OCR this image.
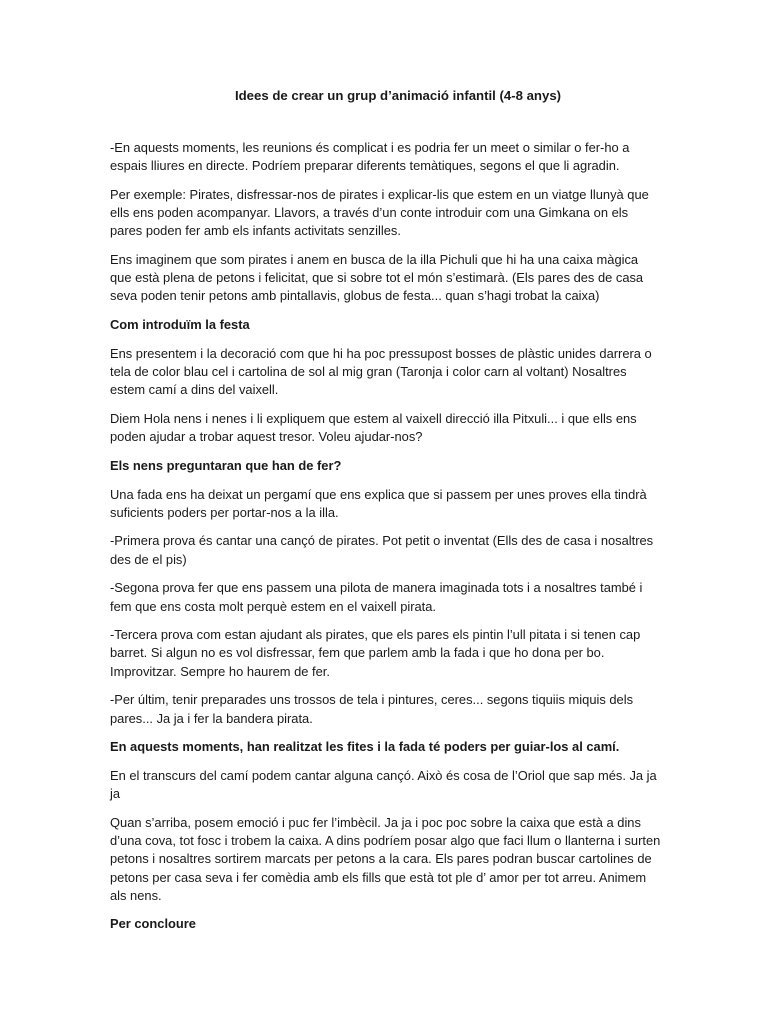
Idees de crear un grup d’animació infantil (4-8 anys)

-En aquests moments, les reunions és complicat i es podria fer un meet o similar o fer-ho a espais lliures en directe. Podríem preparar diferents temàtiques, segons el que li agradin.

Per exemple: Pirates, disfressar-nos de pirates i explicar-lis que estem en un viatge llunyà que ells ens poden acompanyar. Llavors, a través d’un conte introduir com una Gimkana on els pares poden fer amb els infants activitats senzilles.

Ens imaginem que som pirates i anem en busca de la illa Pichuli que hi ha una caixa màgica que està plena de petons i felicitat, que si sobre tot el món s’estimarà. (Els pares des de casa seva poden tenir petons amb pintallavis, globus de festa... quan s’hagi trobat la caixa)

Com introduïm la festa

Ens presentem i la decoració com que hi ha poc pressupost bosses de plàstic unides darrera o tela de color blau cel i cartolina de sol al mig gran (Taronja i color carn al voltant) Nosaltres estem camí a dins del vaixell.

Diem Hola nens i nenes i li expliquem que estem al vaixell direcció illa Pitxuli... i que ells ens poden ajudar a trobar aquest tresor. Voleu ajudar-nos?

Els nens preguntaran que han de fer?

Una fada ens ha deixat un pergamí que ens explica que si passem per unes proves ella tindrà suficients poders per portar-nos a la illa.

-Primera prova és cantar una cançó de pirates. Pot petit o inventat (Ells des de casa i nosaltres des de el pis)

-Segona prova fer que ens passem una pilota de manera imaginada tots i a nosaltres també i fem que ens costa molt perquè estem en el vaixell pirata.

-Tercera prova com estan ajudant als pirates, que els pares els pintin l’ull pitata i si tenen cap barret. Si algun no es vol disfressar, fem que parlem amb la fada i que ho dona per bo. Improvitzar. Sempre ho haurem de fer.

-Per últim, tenir preparades uns trossos de tela i pintures, ceres... segons tiquiis miquis dels pares... Ja ja i fer la bandera pirata.

En aquests moments, han realitzat les fites i la fada té poders per guiar-los al camí.

En el transcurs del camí podem cantar alguna cançó. Això és cosa de l’Oriol que sap més. Ja ja ja

Quan s’arriba, posem emoció i puc fer l’imbècil. Ja ja i poc poc sobre la caixa que està a dins d’una cova, tot fosc i trobem la caixa. A dins podríem posar algo que faci llum o llanterna i surten petons i nosaltres sortirem marcats per petons a la cara. Els pares podran buscar cartolines de petons per casa seva i fer comèdia amb els fills que està tot ple d’ amor per tot arreu. Animem als nens.

Per concloure
